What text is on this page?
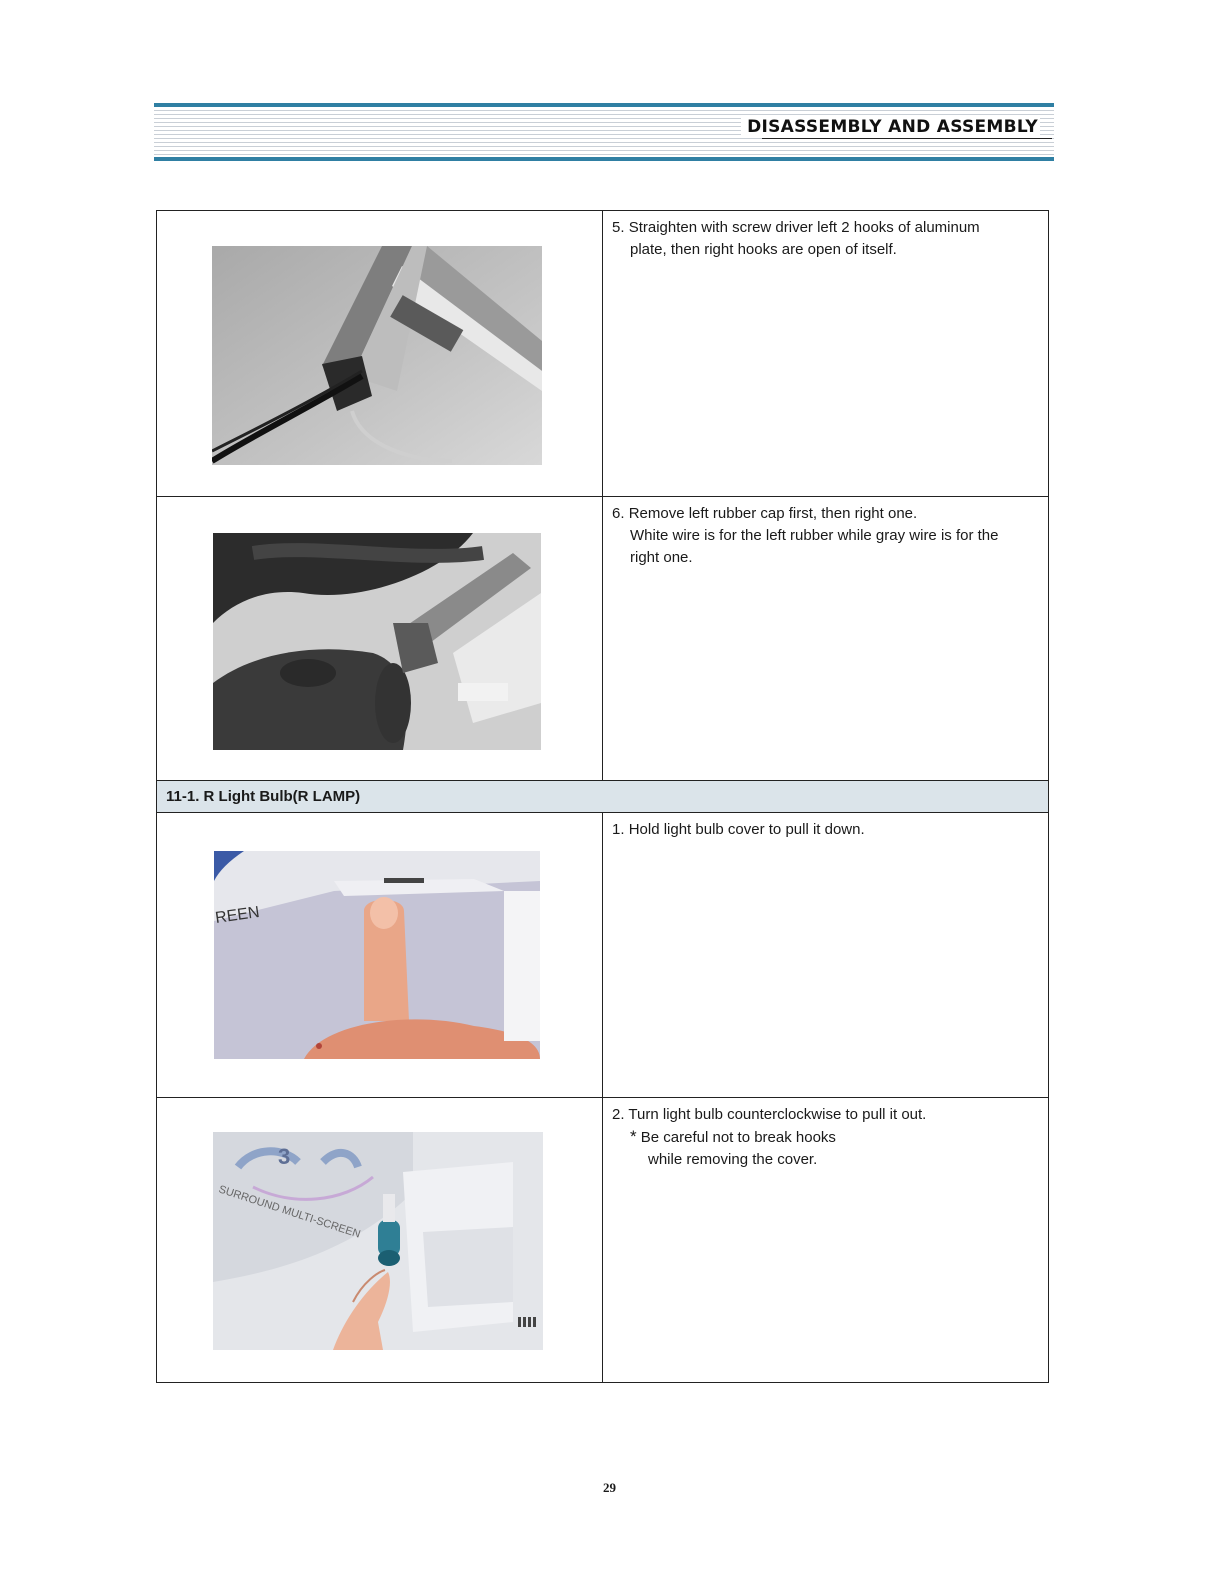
DISASSEMBLY AND ASSEMBLY
5. Straighten with screw driver left 2 hooks of aluminum
plate, then right hooks are open of itself.
6. Remove left rubber cap first, then right one.
White wire is for the left rubber while gray wire is for the
right one.
11-1. R Light Bulb(R LAMP)
REEN
1. Hold light bulb cover to pull it down.
3
SURROUND MULTI-SCREEN
2. Turn light bulb counterclockwise to pull it out.
* Be careful not to break hooks
while removing the cover.
29
